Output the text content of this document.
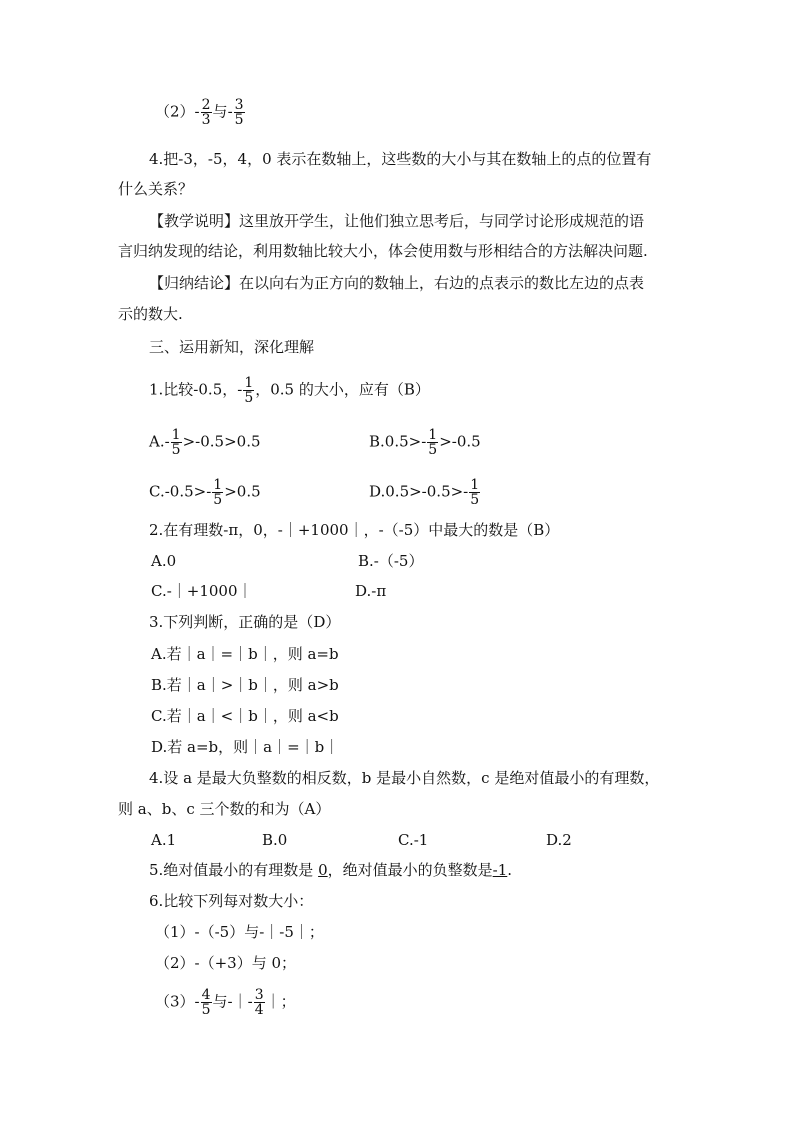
$(2)- \frac{2}{3}$ 与- $\frac{3}{5}$
4.把-3，-5，4，0 表示在数轴上，这些数的大小与其在数轴上的点的位置有
什么关系？
【教学说明】这里放开学生，让他们独立思考后，与同学讨论形成规范的语
言归纳发现的结论，利用数轴比较大小，体会使用数与形相结合的方法解决问题.
【归纳结论】在以向右为正方向的数轴上，右边的点表示的数比左边的点表
示的数大.
三、运用新知，深化理解
1.比较-0.5，- $\frac{1}{5}$ ，0.5 的大小，应有（B）
$A.- \frac{1}{5} >-0.5>0.5$	$B.0.5>- \frac{1}{5} >-0.5$
$C.-0.5>- \frac{1}{5} >0.5$	$D.0.5>-0.5>- \frac{1}{5}$
2.在有理数-π，0，-｜+1000｜，-（-5）中最大的数是（B）
A.0	B.-（-5）
C.-｜+1000｜	D.-π
3.下列判断，正确的是（D）
A.若｜a｜=｜b｜，则 a=b
B.若｜a｜>｜b｜，则 a>b
C.若｜a｜<｜b｜，则 a<b
D.若 a=b，则｜a｜=｜b｜
4.设 a 是最大负整数的相反数，b 是最小自然数，c 是绝对值最小的有理数，
则 a、b、c 三个数的和为（A）
A.1	B.0	C.-1	D.2
5.绝对值最小的有理数是 0，绝对值最小的负整数是-1.
6.比较下列每对数大小：
（1）-（-5）与-｜-5｜；
（2）-（+3）与 0；
$(3)- \frac{4}{5}$ 与-｜- $\frac{3}{4}$ ｜；
